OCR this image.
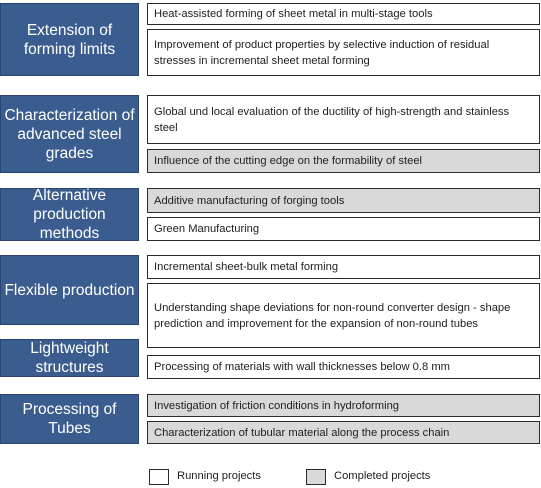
Extension of forming limits
Characterization of advanced steel grades
Alternative production methods
Flexible production
Lightweight structures
Processing of Tubes
Heat-assisted forming of sheet metal in multi-stage tools
Improvement of product properties by selective induction of residual stresses in incremental sheet metal forming
Global und local evaluation of the ductility of high-strength and stainless steel
Influence of the cutting edge on the formability of steel
Additive manufacturing of forging tools
Green Manufacturing
Incremental sheet-bulk metal forming
Understanding shape deviations for non-round converter design - shape prediction and improvement for the expansion of non-round tubes
Processing of materials with wall thicknesses below 0.8 mm
Investigation of friction conditions in hydroforming
Characterization of tubular material along the process chain
Running projects	Completed projects
